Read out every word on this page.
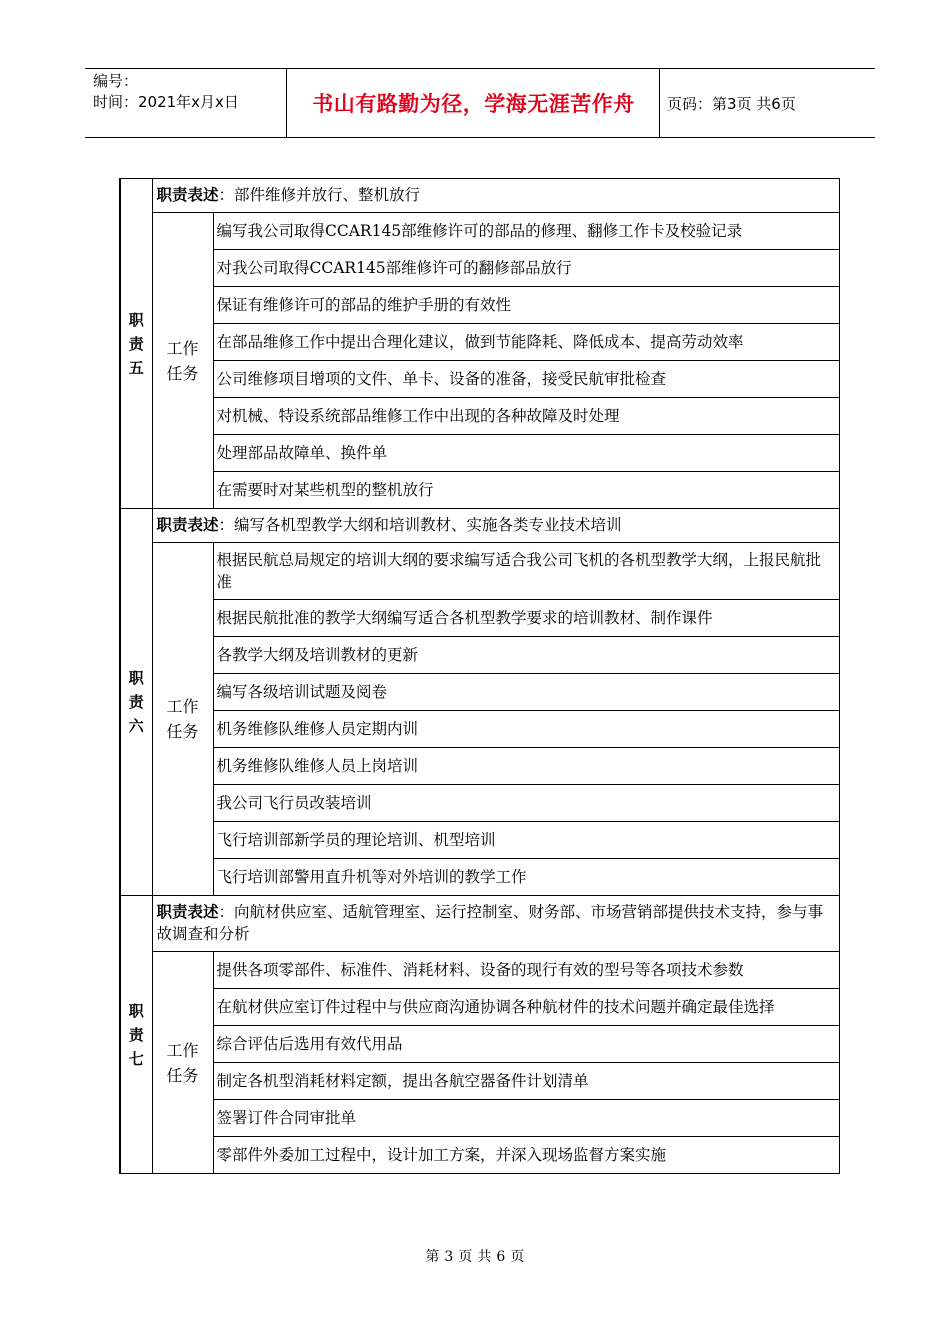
编号：
时间：2021年x月x日	书山有路勤为径，学海无涯苦作舟	页码：第3页 共6页
职
责
五	职责表述：部件维修并放行、整机放行	
	工作
任务	编写我公司取得CCAR145部维修许可的部品的修理、翻修工作卡及校验记录
		对我公司取得CCAR145部维修许可的翻修部品放行
		保证有维修许可的部品的维护手册的有效性
		在部品维修工作中提出合理化建议，做到节能降耗、降低成本、提高劳动效率
		公司维修项目增项的文件、单卡、设备的准备，接受民航审批检查
		对机械、特设系统部品维修工作中出现的各种故障及时处理
		处理部品故障单、换件单
		在需要时对某些机型的整机放行
职
责
六	职责表述：编写各机型教学大纲和培训教材、实施各类专业技术培训	
	工作
任务	根据民航总局规定的培训大纲的要求编写适合我公司飞机的各机型教学大纲，上报民航批准
		根据民航批准的教学大纲编写适合各机型教学要求的培训教材、制作课件
		各教学大纲及培训教材的更新
		编写各级培训试题及阅卷
		机务维修队维修人员定期内训
		机务维修队维修人员上岗培训
		我公司飞行员改装培训
		飞行培训部新学员的理论培训、机型培训
		飞行培训部警用直升机等对外培训的教学工作
职
责
七	职责表述：向航材供应室、适航管理室、运行控制室、财务部、市场营销部提供技术支持，参与事故调查和分析	
	工作
任务	提供各项零部件、标准件、消耗材料、设备的现行有效的型号等各项技术参数
		在航材供应室订件过程中与供应商沟通协调各种航材件的技术问题并确定最佳选择
		综合评估后选用有效代用品
		制定各机型消耗材料定额，提出各航空器备件计划清单
		签署订件合同审批单
		零部件外委加工过程中，设计加工方案，并深入现场监督方案实施
第 3 页 共 6 页
